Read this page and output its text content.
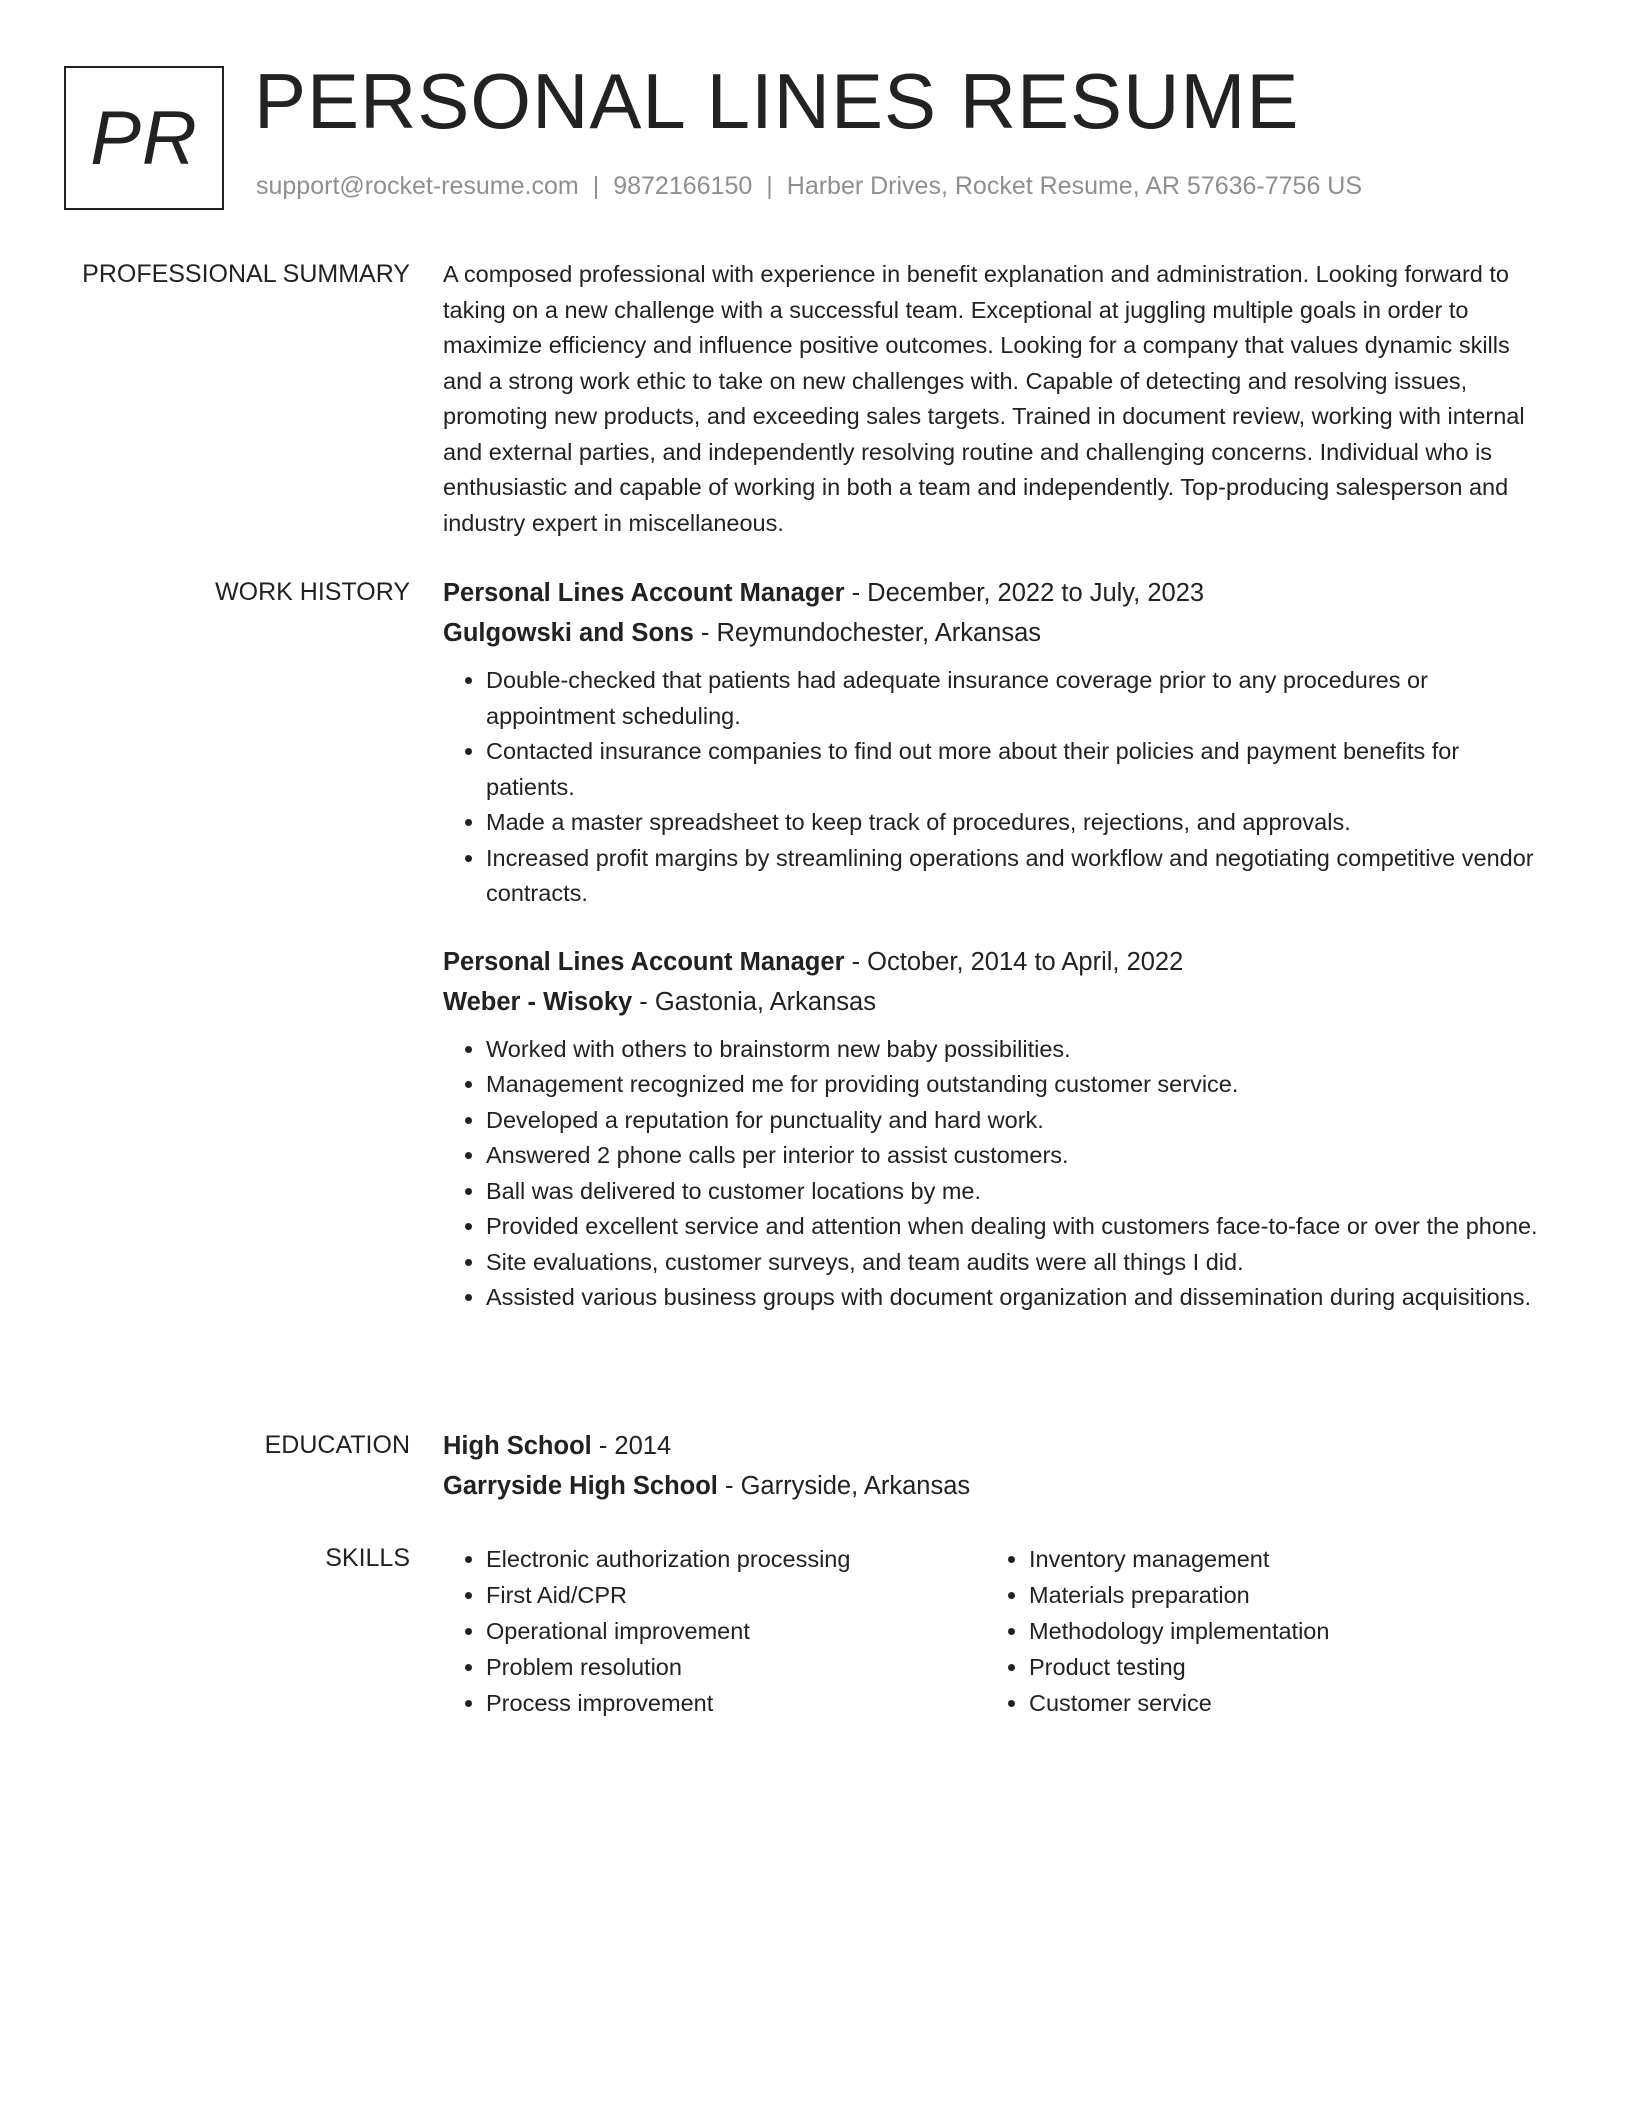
PR PERSONAL LINES RESUME
support@rocket-resume.com | 9872166150 | Harber Drives, Rocket Resume, AR 57636-7756 US
PROFESSIONAL SUMMARY A composed professional with experience in benefit explanation and administration. Looking forward to taking on a new challenge with a successful team. Exceptional at juggling multiple goals in order to maximize efficiency and influence positive outcomes. Looking for a company that values dynamic skills and a strong work ethic to take on new challenges with. Capable of detecting and resolving issues, promoting new products, and exceeding sales targets. Trained in document review, working with internal and external parties, and independently resolving routine and challenging concerns. Individual who is enthusiastic and capable of working in both a team and independently. Top-producing salesperson and industry expert in miscellaneous.

WORK HISTORY Personal Lines Account Manager - December, 2022 to July, 2023
Gulgowski and Sons - Reymundochester, Arkansas
• Double-checked that patients had adequate insurance coverage prior to any procedures or appointment scheduling.
• Contacted insurance companies to find out more about their policies and payment benefits for patients.
• Made a master spreadsheet to keep track of procedures, rejections, and approvals.
• Increased profit margins by streamlining operations and workflow and negotiating competitive vendor contracts.
Personal Lines Account Manager - October, 2014 to April, 2022
Weber - Wisoky - Gastonia, Arkansas
• Worked with others to brainstorm new baby possibilities.
• Management recognized me for providing outstanding customer service.
• Developed a reputation for punctuality and hard work.
• Answered 2 phone calls per interior to assist customers.
• Ball was delivered to customer locations by me.
• Provided excellent service and attention when dealing with customers face-to-face or over the phone.
• Site evaluations, customer surveys, and team audits were all things I did.
• Assisted various business groups with document organization and dissemination during acquisitions.
EDUCATION High School - 2014
Garryside High School - Garryside, Arkansas
SKILLS
•	Electronic authorization processing
• First Aid/CPR
• Operational improvement
• Problem resolution
• Process improvement
• Inventory management
• Materials preparation
• Methodology implementation
• Product testing
• Customer service
